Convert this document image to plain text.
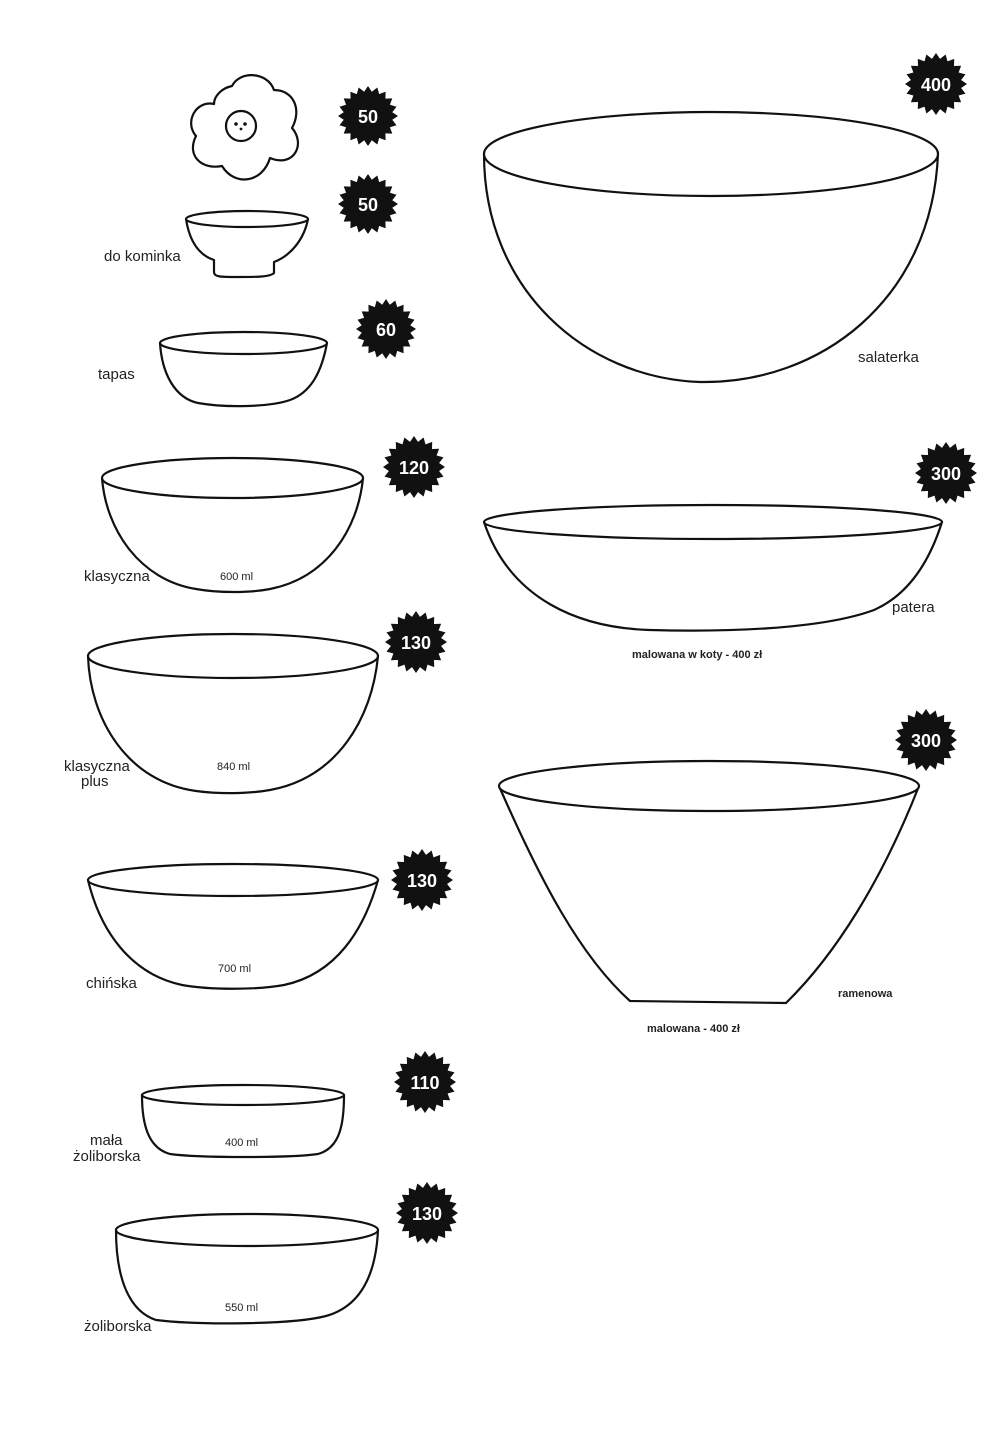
do kominka
tapas
klasyczna	600 ml
klasyczna
plus
840 ml
chińska
700 ml
mała
żoliborska
400 ml
żoliborska
550 ml
salaterka
patera
malowana w koty - 400 zł
ramenowa
malowana - 400 zł
50
50
60
120
130
130
110
130
400
300
300
